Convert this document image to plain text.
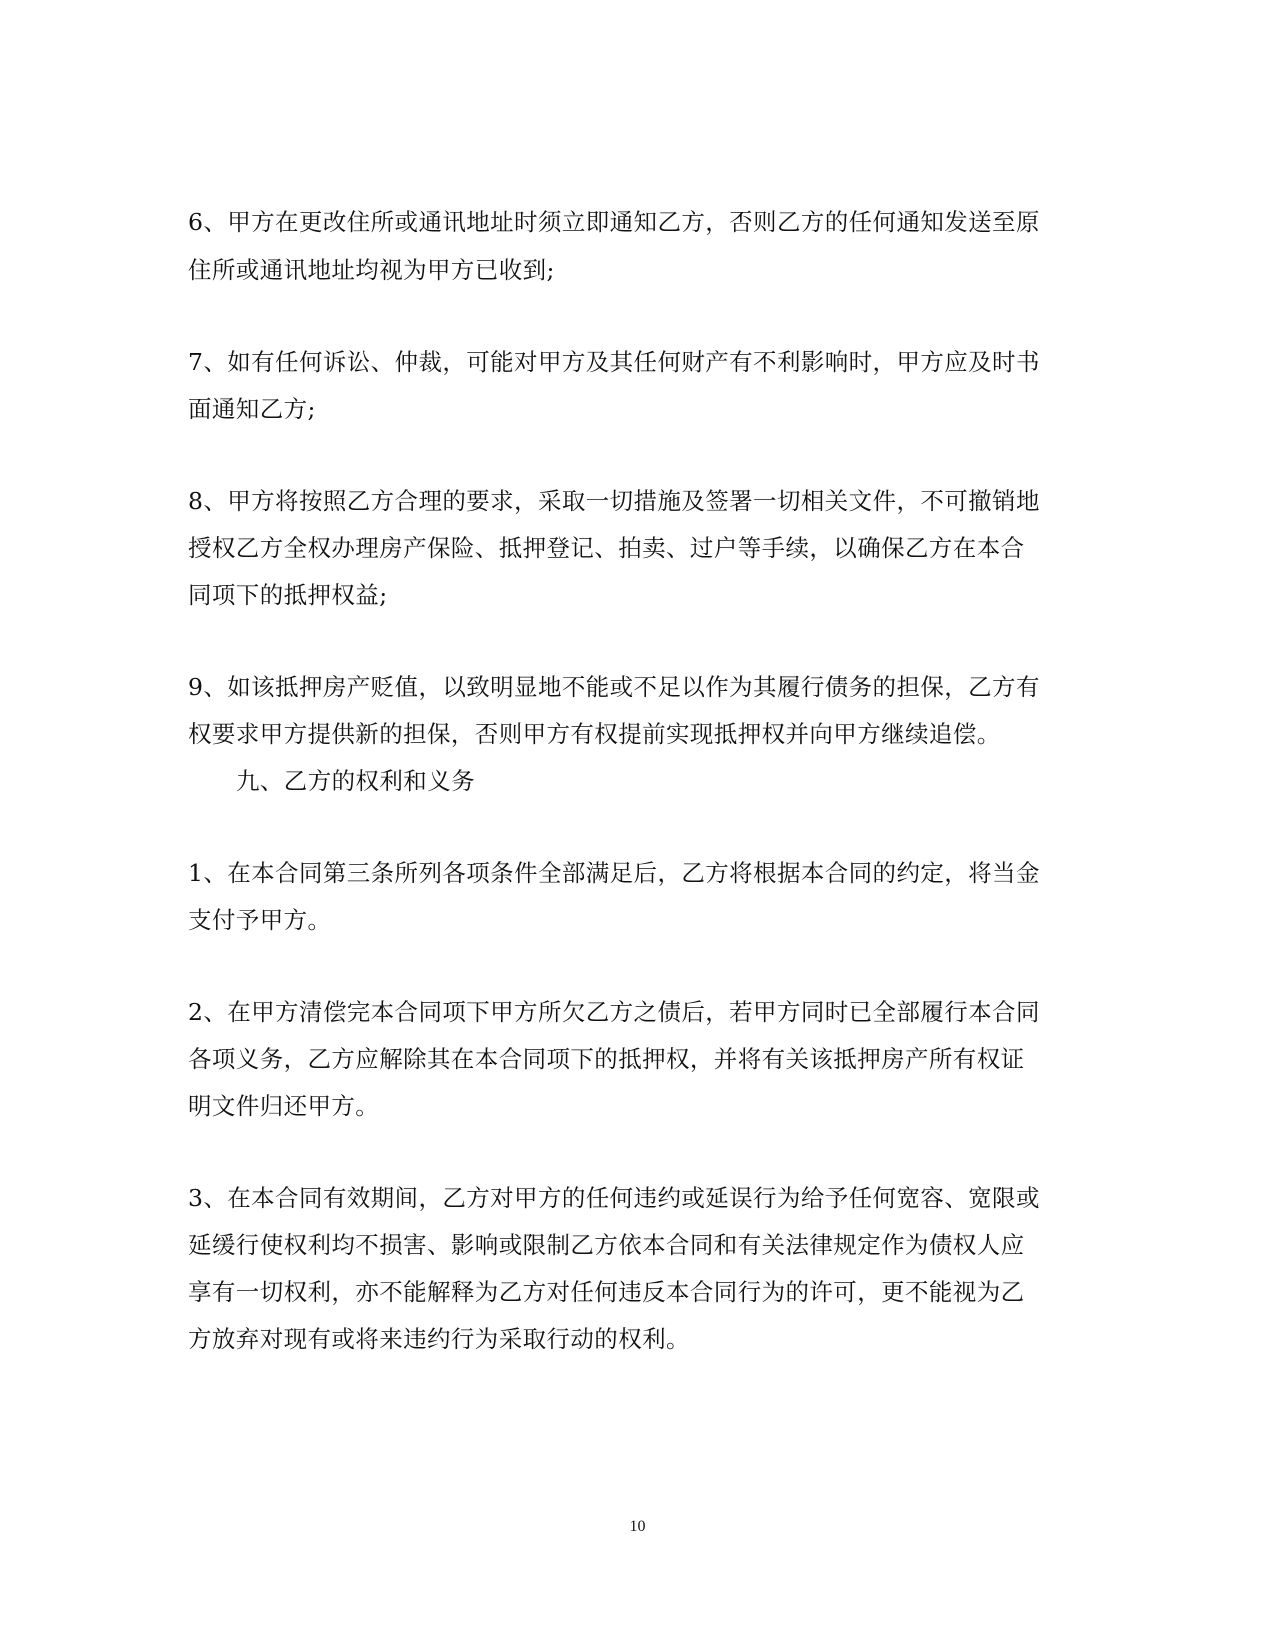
6、甲方在更改住所或通讯地址时须立即通知乙方，否则乙方的任何通知发送至原
住所或通讯地址均视为甲方已收到;
7、如有任何诉讼、仲裁，可能对甲方及其任何财产有不利影响时，甲方应及时书
面通知乙方;
8、甲方将按照乙方合理的要求，采取一切措施及签署一切相关文件，不可撤销地
授权乙方全权办理房产保险、抵押登记、拍卖、过户等手续，以确保乙方在本合
同项下的抵押权益;
9、如该抵押房产贬值，以致明显地不能或不足以作为其履行债务的担保，乙方有
权要求甲方提供新的担保，否则甲方有权提前实现抵押权并向甲方继续追偿。
九、乙方的权利和义务
1、在本合同第三条所列各项条件全部满足后，乙方将根据本合同的约定，将当金
支付予甲方。
2、在甲方清偿完本合同项下甲方所欠乙方之债后，若甲方同时已全部履行本合同
各项义务，乙方应解除其在本合同项下的抵押权，并将有关该抵押房产所有权证
明文件归还甲方。
3、在本合同有效期间，乙方对甲方的任何违约或延误行为给予任何宽容、宽限或
延缓行使权利均不损害、影响或限制乙方依本合同和有关法律规定作为债权人应
享有一切权利，亦不能解释为乙方对任何违反本合同行为的许可，更不能视为乙
方放弃对现有或将来违约行为采取行动的权利。
10
